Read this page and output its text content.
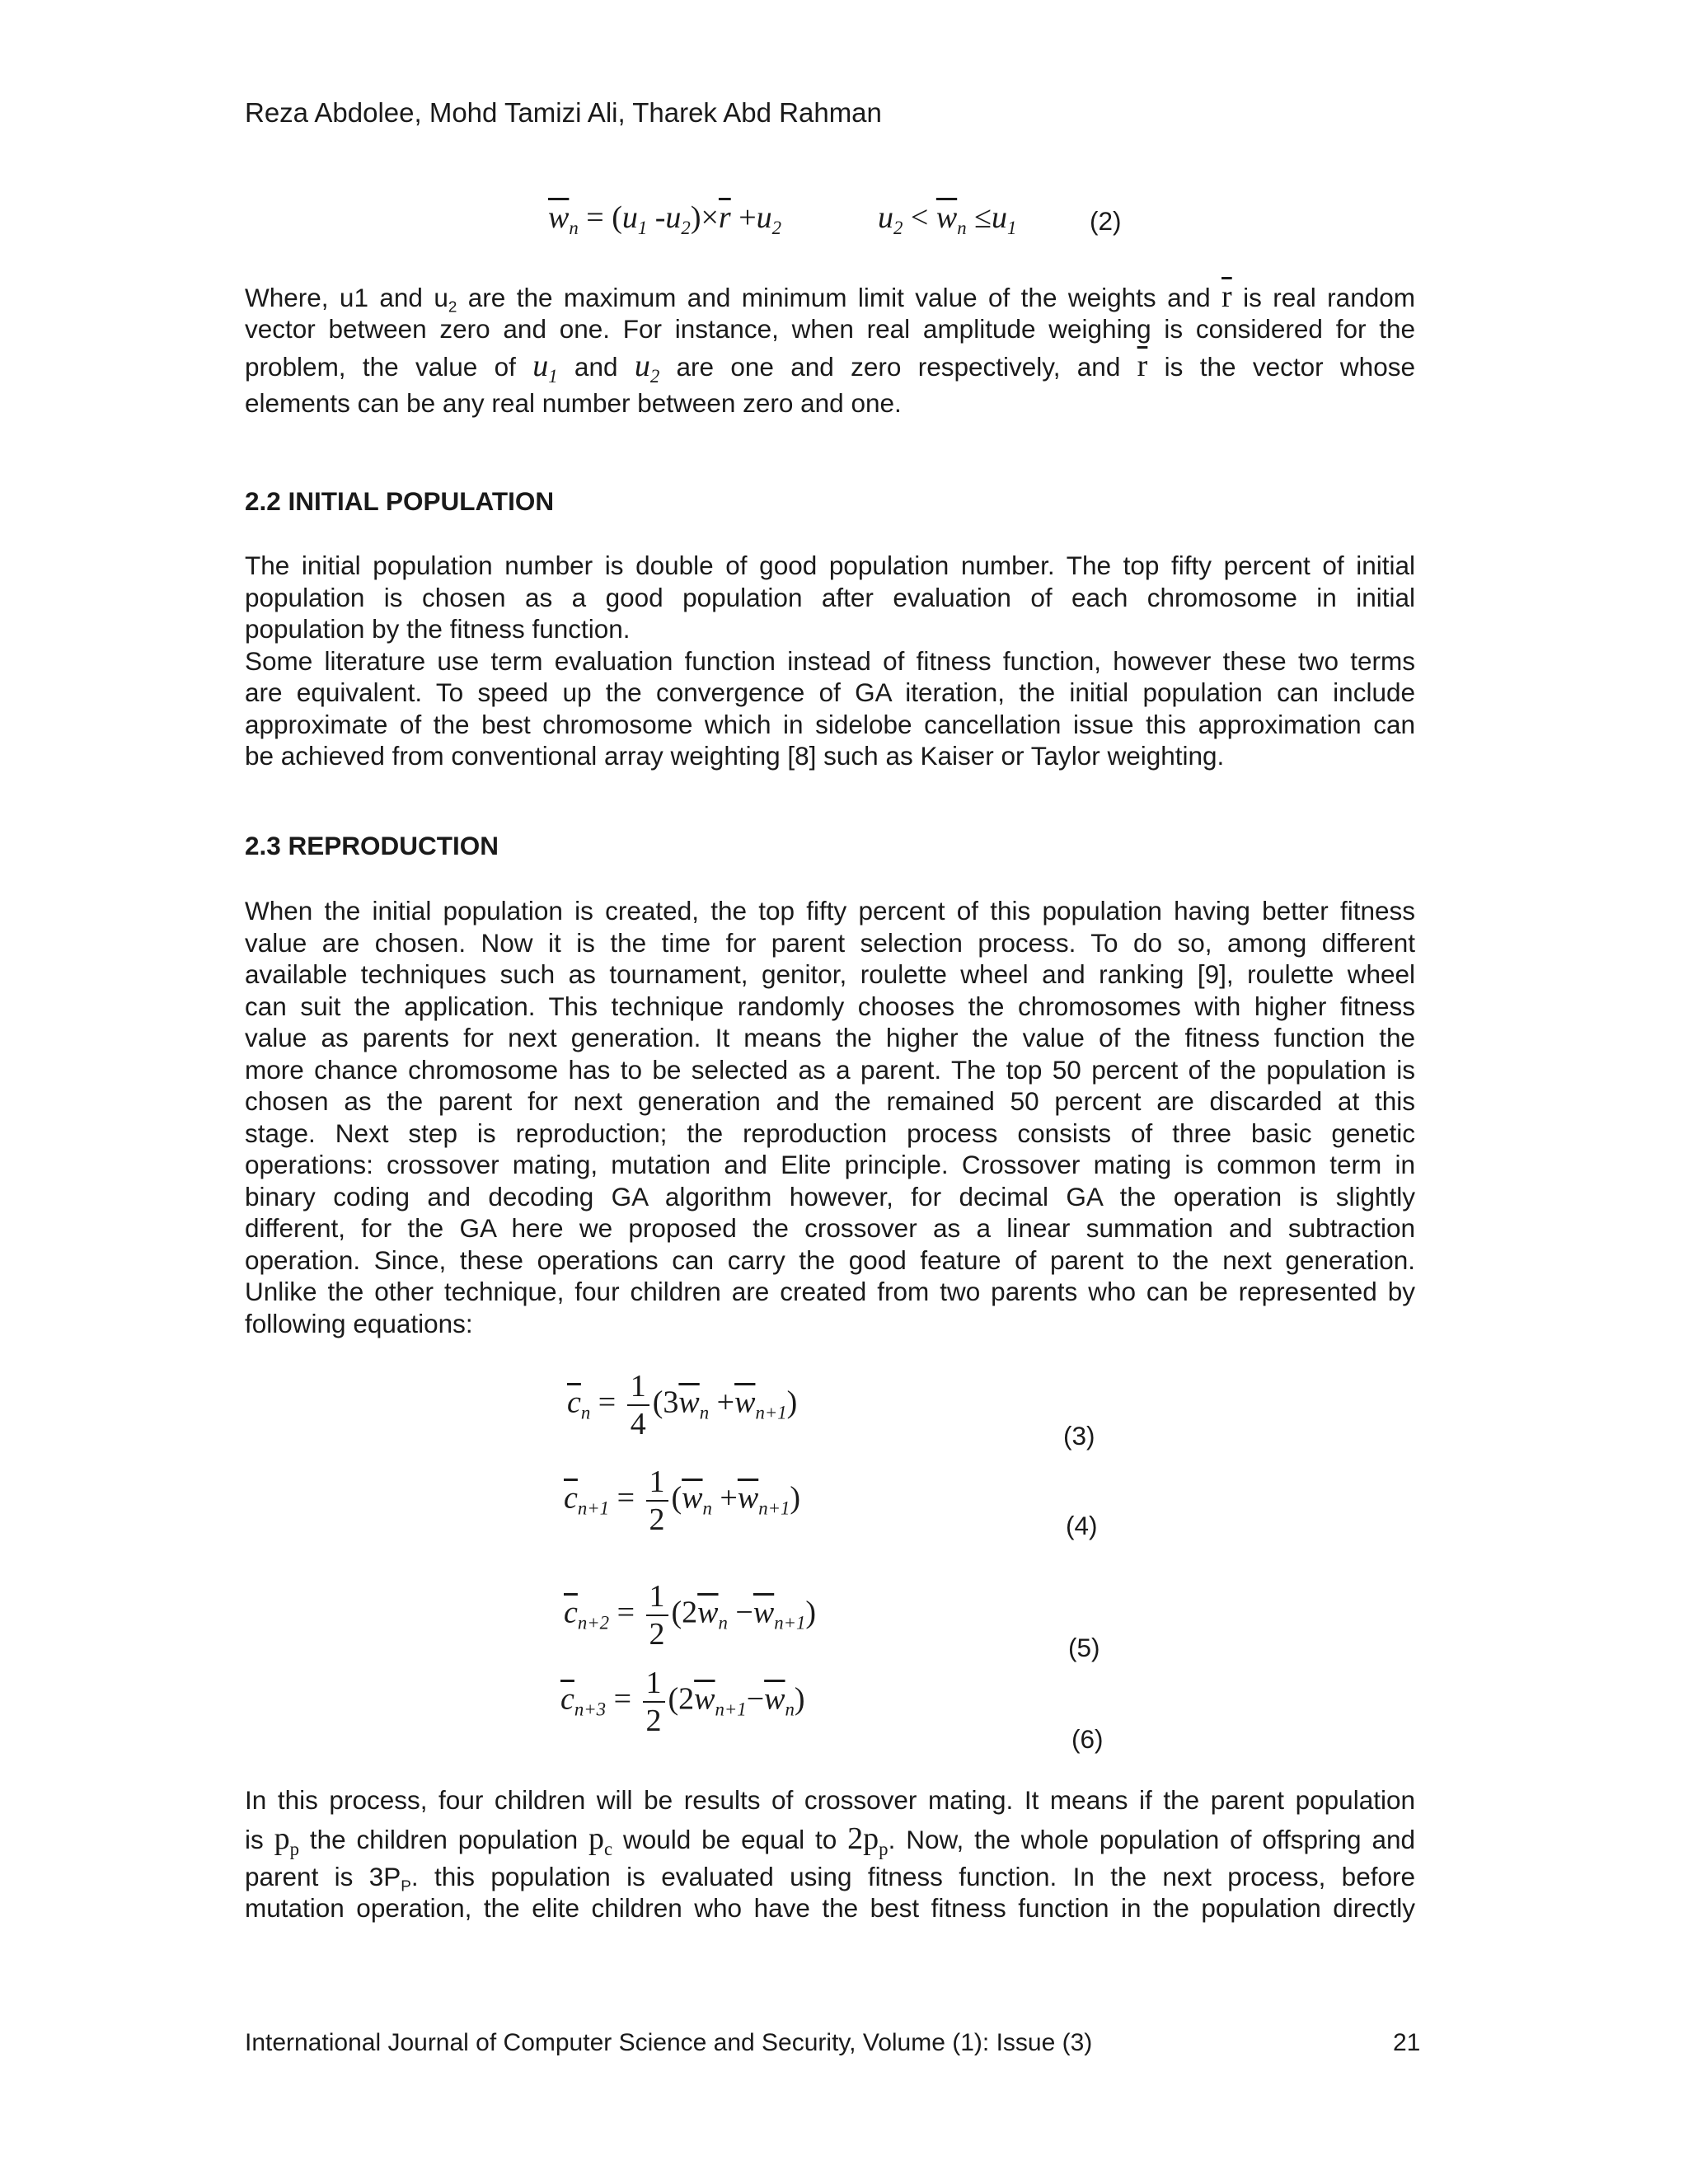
Reza Abdolee, Mohd Tamizi Ali, Tharek Abd Rahman
$\overline{w}_n = (u_1$ $-u_2)\times\overline{r} +u_2$	$u_2 < \overline{w}_n \le u_1$	(2)
Where, u1 and $u_2$ are the maximum and minimum limit value of the weights and $\overline{r}$ is real random
vector between zero and one. For instance, when real amplitude weighing is considered for the
problem, the value of $u_1$ and $u_2$ are one and zero respectively, and $\overline{r}$ is the vector whose
elements can be any real number between zero and one.
2.2 INITIAL POPULATION
The initial population number is double of good population number. The top fifty percent of initial
population is chosen as a good population after evaluation of each chromosome in initial
population by the fitness function.
Some literature use term evaluation function instead of fitness function, however these two terms
are equivalent. To speed up the convergence of GA iteration, the initial population can include
approximate of the best chromosome which in sidelobe cancellation issue this approximation can
be achieved from conventional array weighting [8] such as Kaiser or Taylor weighting.
2.3 REPRODUCTION
When the initial population is created, the top fifty percent of this population having better fitness
value are chosen. Now it is the time for parent selection process. To do so, among different
available techniques such as tournament, genitor, roulette wheel and ranking [9], roulette wheel
can suit the application. This technique randomly chooses the chromosomes with higher fitness
value as parents for next generation. It means the higher the value of the fitness function the
more chance chromosome has to be selected as a parent. The top 50 percent of the population is
chosen as the parent for next generation and the remained 50 percent are discarded at this
stage. Next step is reproduction; the reproduction process consists of three basic genetic
operations: crossover mating, mutation and Elite principle. Crossover mating is common term in
binary coding and decoding GA algorithm however, for decimal GA the operation is slightly
different, for the GA here we proposed the crossover as a linear summation and subtraction
operation. Since, these operations can carry the good feature of parent to the next generation.
Unlike the other technique, four children are created from two parents who can be represented by
following equations:
$\overline{c}_n = \frac{1}{4} (3\overline{w}_n +\overline{w}_{n+1})$
(3)
$\overline{c}_{n+1} = \frac{1}{2} (\overline{w}_n +\overline{w}_{n+1})$
(4)
$\overline{c}_{n+2} = \frac{1}{2} (2\overline{w}_n -\overline{w}_{n+1})$
(5)
$\overline{c}_{n+3} = \frac{1}{2} (2\overline{w}_{n+1}-\overline{w}_n)$
(6)
In this process, four children will be results of crossover mating. It means if the parent population
is $p_p$ the children population $p_c$ would be equal to $2p_p$. Now, the whole population of offspring and
parent is $3P_P$. this population is evaluated using fitness function. In the next process, before
mutation operation, the elite children who have the best fitness function in the population directly
International Journal of Computer Science and Security, Volume (1): Issue (3)	21
